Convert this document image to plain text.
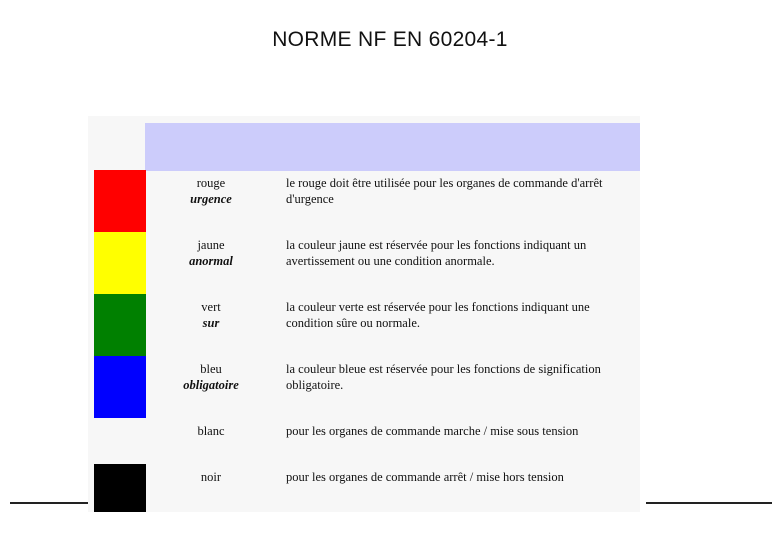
NORME NF EN 60204-1
rouge
urgence
le rouge doit être utilisée pour les organes de commande d'arrêt d'urgence
jaune
anormal
la couleur jaune est réservée pour les fonctions indiquant un avertissement ou une condition anormale.
vert
sur
la couleur verte est réservée pour les fonctions indiquant une condition sûre ou normale.
bleu
obligatoire
la couleur bleue est réservée pour les fonctions de signification obligatoire.
blanc	pour les organes de commande marche / mise sous tension
noir	pour les organes de commande arrêt / mise hors tension
